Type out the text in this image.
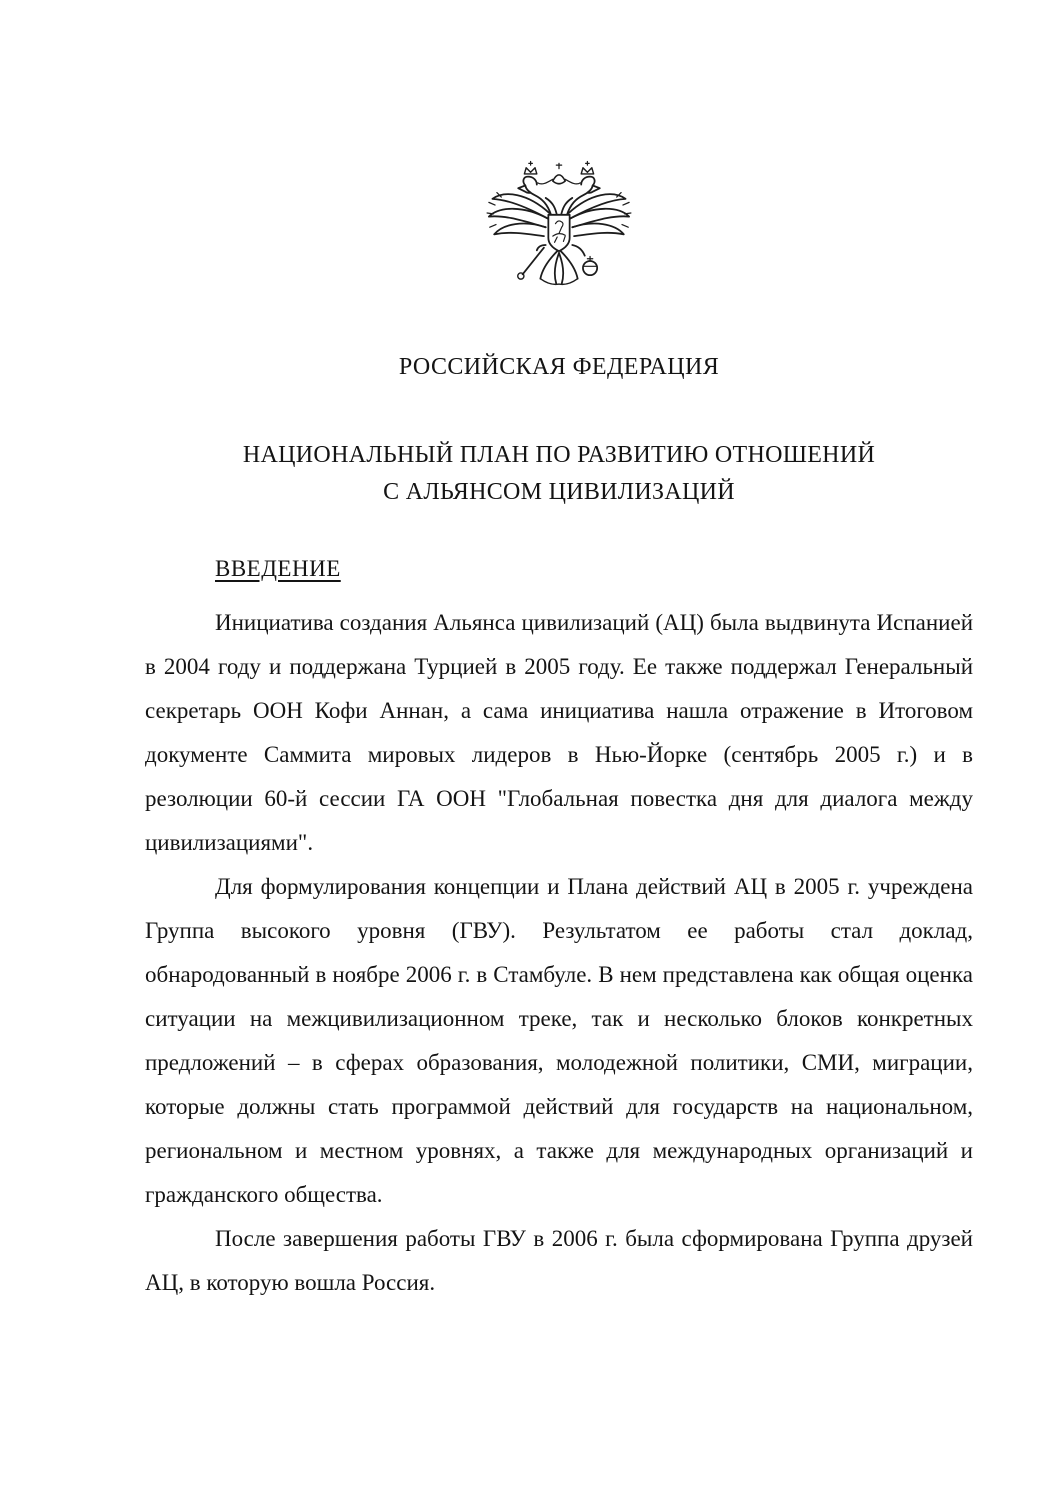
РОССИЙСКАЯ ФЕДЕРАЦИЯ
НАЦИОНАЛЬНЫЙ ПЛАН ПО РАЗВИТИЮ ОТНОШЕНИЙ
С АЛЬЯНСОМ ЦИВИЛИЗАЦИЙ
ВВЕДЕНИЕ

Инициатива создания Альянса цивилизаций (АЦ) была выдвинута Испанией в 2004 году и поддержана Турцией в 2005 году. Ее также поддержал Генеральный секретарь ООН Кофи Аннан, а сама инициатива нашла отражение в Итоговом документе Саммита мировых лидеров в Нью-Йорке (сентябрь 2005 г.) и в резолюции 60-й сессии ГА ООН "Глобальная повестка дня для диалога между цивилизациями".

Для формулирования концепции и Плана действий АЦ в 2005 г. учреждена Группа высокого уровня (ГВУ). Результатом ее работы стал доклад, обнародованный в ноябре 2006 г. в Стамбуле. В нем представлена как общая оценка ситуации на межцивилизационном треке, так и несколько блоков конкретных предложений – в сферах образования, молодежной политики, СМИ, миграции, которые должны стать программой действий для государств на национальном, региональном и местном уровнях, а также для международных организаций и гражданского общества.

После завершения работы ГВУ в 2006 г. была сформирована Группа друзей АЦ, в которую вошла Россия.
